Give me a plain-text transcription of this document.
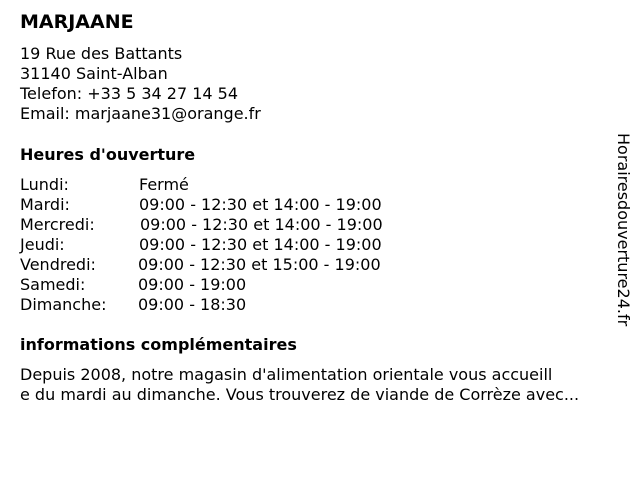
MARJAANE
19 Rue des Battants
31140 Saint-Alban
Telefon: +33 5 34 27 14 54
Email: marjaane31@orange.fr
Heures d'ouverture
Lundi:	Fermé
Mardi:	09:00 - 12:30 et 14:00 - 19:00
Mercredi:	09:00 - 12:30 et 14:00 - 19:00
Jeudi:	09:00 - 12:30 et 14:00 - 19:00
Vendredi:	09:00 - 12:30 et 15:00 - 19:00
Samedi:	09:00 - 19:00
Dimanche: 09:00 - 18:30
informations complémentaires
Depuis 2008, notre magasin d'alimentation orientale vous accueill
e du mardi au dimanche. Vous trouverez de viande de Corrèze avec...
Horairesdouverture24.fr
